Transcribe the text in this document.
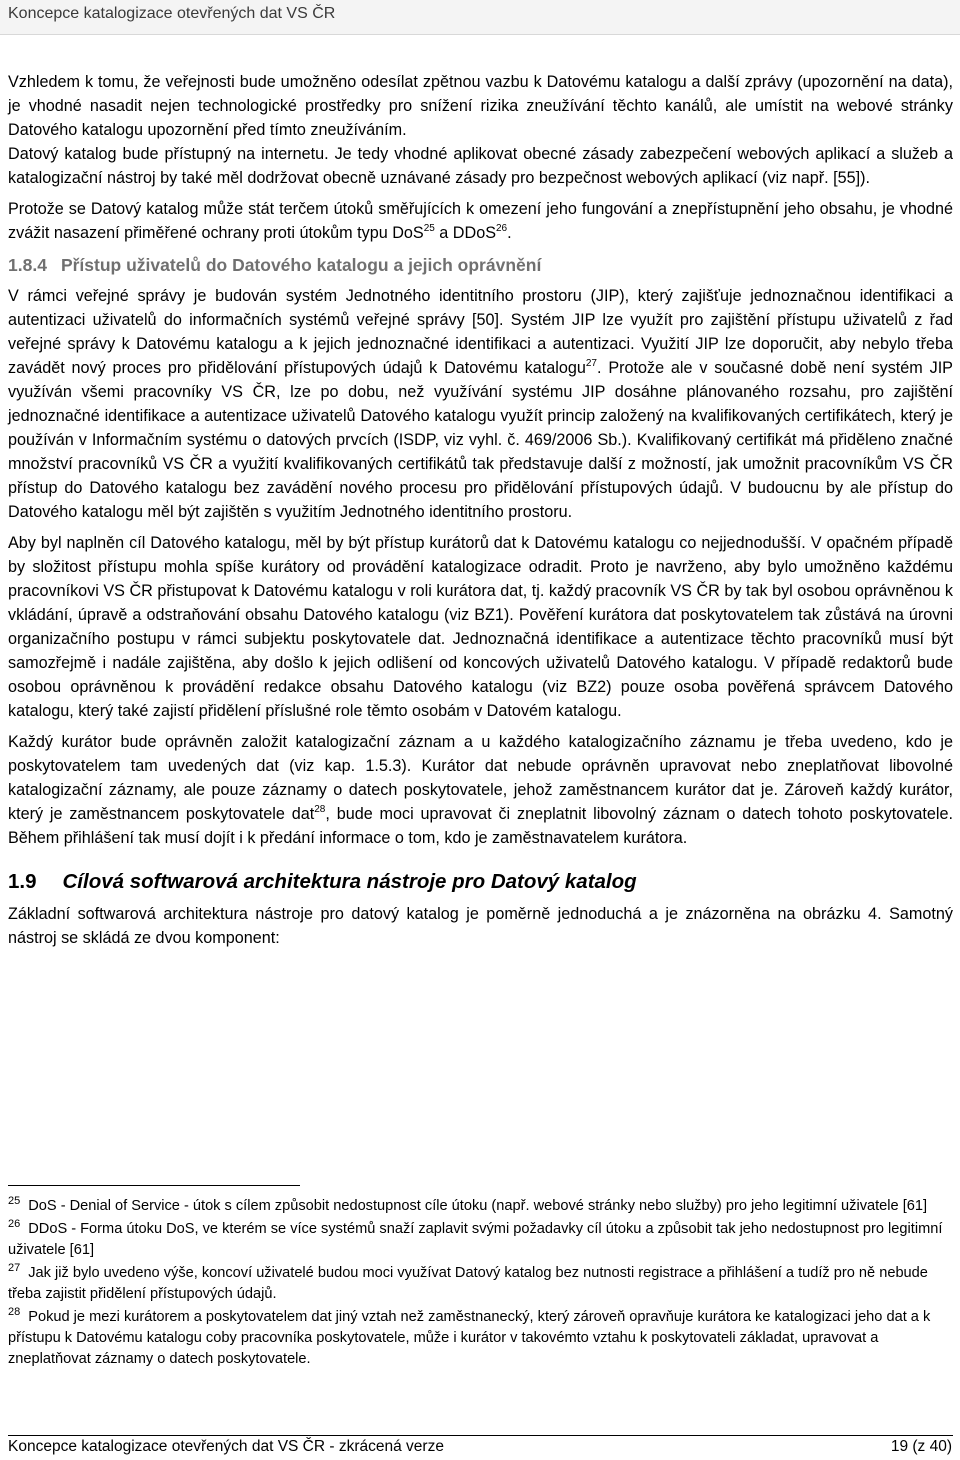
Koncepce katalogizace otevřených dat VS ČR

Vzhledem k tomu, že veřejnosti bude umožněno odesílat zpětnou vazbu k Datovému katalogu a další zprávy (upozornění na data), je vhodné nasadit nejen technologické prostředky pro snížení rizika zneužívání těchto kanálů, ale umístit na webové stránky Datového katalogu upozornění před tímto zneužíváním.

Datový katalog bude přístupný na internetu. Je tedy vhodné aplikovat obecné zásady zabezpečení webových aplikací a služeb a katalogizační nástroj by také měl dodržovat obecně uznávané zásady pro bezpečnost webových aplikací (viz např. [55]).

Protože se Datový katalog může stát terčem útoků směřujících k omezení jeho fungování a znepřístupnění jeho obsahu, je vhodné zvážit nasazení přiměřené ochrany proti útokům typu DoS$^{25}$ a DDoS$^{26}$.

1.8.4 Přístup uživatelů do Datového katalogu a jejich oprávnění

V rámci veřejné správy je budován systém Jednotného identitního prostoru (JIP), který zajišťuje jednoznačnou identifikaci a autentizaci uživatelů do informačních systémů veřejné správy [50]. Systém JIP lze využít pro zajištění přístupu uživatelů z řad veřejné správy k Datovému katalogu a k jejich jednoznačné identifikaci a autentizaci. Využití JIP lze doporučit, aby nebylo třeba zavádět nový proces pro přidělování přístupových údajů k Datovému katalogu$^{27}$. Protože ale v současné době není systém JIP využíván všemi pracovníky VS ČR, lze po dobu, než využívání systému JIP dosáhne plánovaného rozsahu, pro zajištění jednoznačné identifikace a autentizace uživatelů Datového katalogu využít princip založený na kvalifikovaných certifikátech, který je používán v Informačním systému o datových prvcích (ISDP, viz vyhl. č. 469/2006 Sb.). Kvalifikovaný certifikát má přiděleno značné množství pracovníků VS ČR a využití kvalifikovaných certifikátů tak představuje další z možností, jak umožnit pracovníkům VS ČR přístup do Datového katalogu bez zavádění nového procesu pro přidělování přístupových údajů. V budoucnu by ale přístup do Datového katalogu měl být zajištěn s využitím Jednotného identitního prostoru.

Aby byl naplněn cíl Datového katalogu, měl by být přístup kurátorů dat k Datovému katalogu co nejjednodušší. V opačném případě by složitost přístupu mohla spíše kurátory od provádění katalogizace odradit. Proto je navrženo, aby bylo umožněno každému pracovníkovi VS ČR přistupovat k Datovému katalogu v roli kurátora dat, tj. každý pracovník VS ČR by tak byl osobou oprávněnou k vkládání, úpravě a odstraňování obsahu Datového katalogu (viz BZ1). Pověření kurátora dat poskytovatelem tak zůstává na úrovni organizačního postupu v rámci subjektu poskytovatele dat. Jednoznačná identifikace a autentizace těchto pracovníků musí být samozřejmě i nadále zajištěna, aby došlo k jejich odlišení od koncových uživatelů Datového katalogu. V případě redaktorů bude osobou oprávněnou k provádění redakce obsahu Datového katalogu (viz BZ2) pouze osoba pověřená správcem Datového katalogu, který také zajistí přidělení příslušné role těmto osobám v Datovém katalogu.

Každý kurátor bude oprávněn založit katalogizační záznam a u každého katalogizačního záznamu je třeba uvedeno, kdo je poskytovatelem tam uvedených dat (viz kap. 1.5.3). Kurátor dat nebude oprávněn upravovat nebo zneplatňovat libovolné katalogizační záznamy, ale pouze záznamy o datech poskytovatele, jehož zaměstnancem kurátor dat je. Zároveň každý kurátor, který je zaměstnancem poskytovatele dat$^{28}$, bude moci upravovat či zneplatnit libovolný záznam o datech tohoto poskytovatele. Během přihlášení tak musí dojít i k předání informace o tom, kdo je zaměstnavatelem kurátora.

1.9 Cílová softwarová architektura nástroje pro Datový katalog

Základní softwarová architektura nástroje pro datový katalog je poměrně jednoduchá a je znázorněna na obrázku 4. Samotný nástroj se skládá ze dvou komponent:

$^{25}$ DoS - Denial of Service - útok s cílem způsobit nedostupnost cíle útoku (např. webové stránky nebo služby) pro jeho legitimní uživatele [61]

$^{26}$ DDoS - Forma útoku DoS, ve kterém se více systémů snaží zaplavit svými požadavky cíl útoku a způsobit tak jeho nedostupnost pro legitimní uživatele [61]

$^{27}$ Jak již bylo uvedeno výše, koncoví uživatelé budou moci využívat Datový katalog bez nutnosti registrace a přihlášení a tudíž pro ně nebude třeba zajistit přidělení přístupových údajů.

$^{28}$ Pokud je mezi kurátorem a poskytovatelem dat jiný vztah než zaměstnanecký, který zároveň opravňuje kurátora ke katalogizaci jeho dat a k přístupu k Datovému katalogu coby pracovníka poskytovatele, může i kurátor v takovémto vztahu k poskytovateli základat, upravovat a zneplatňovat záznamy o datech poskytovatele.

Koncepce katalogizace otevřených dat VS ČR - zkrácená verze	19 (z 40)
